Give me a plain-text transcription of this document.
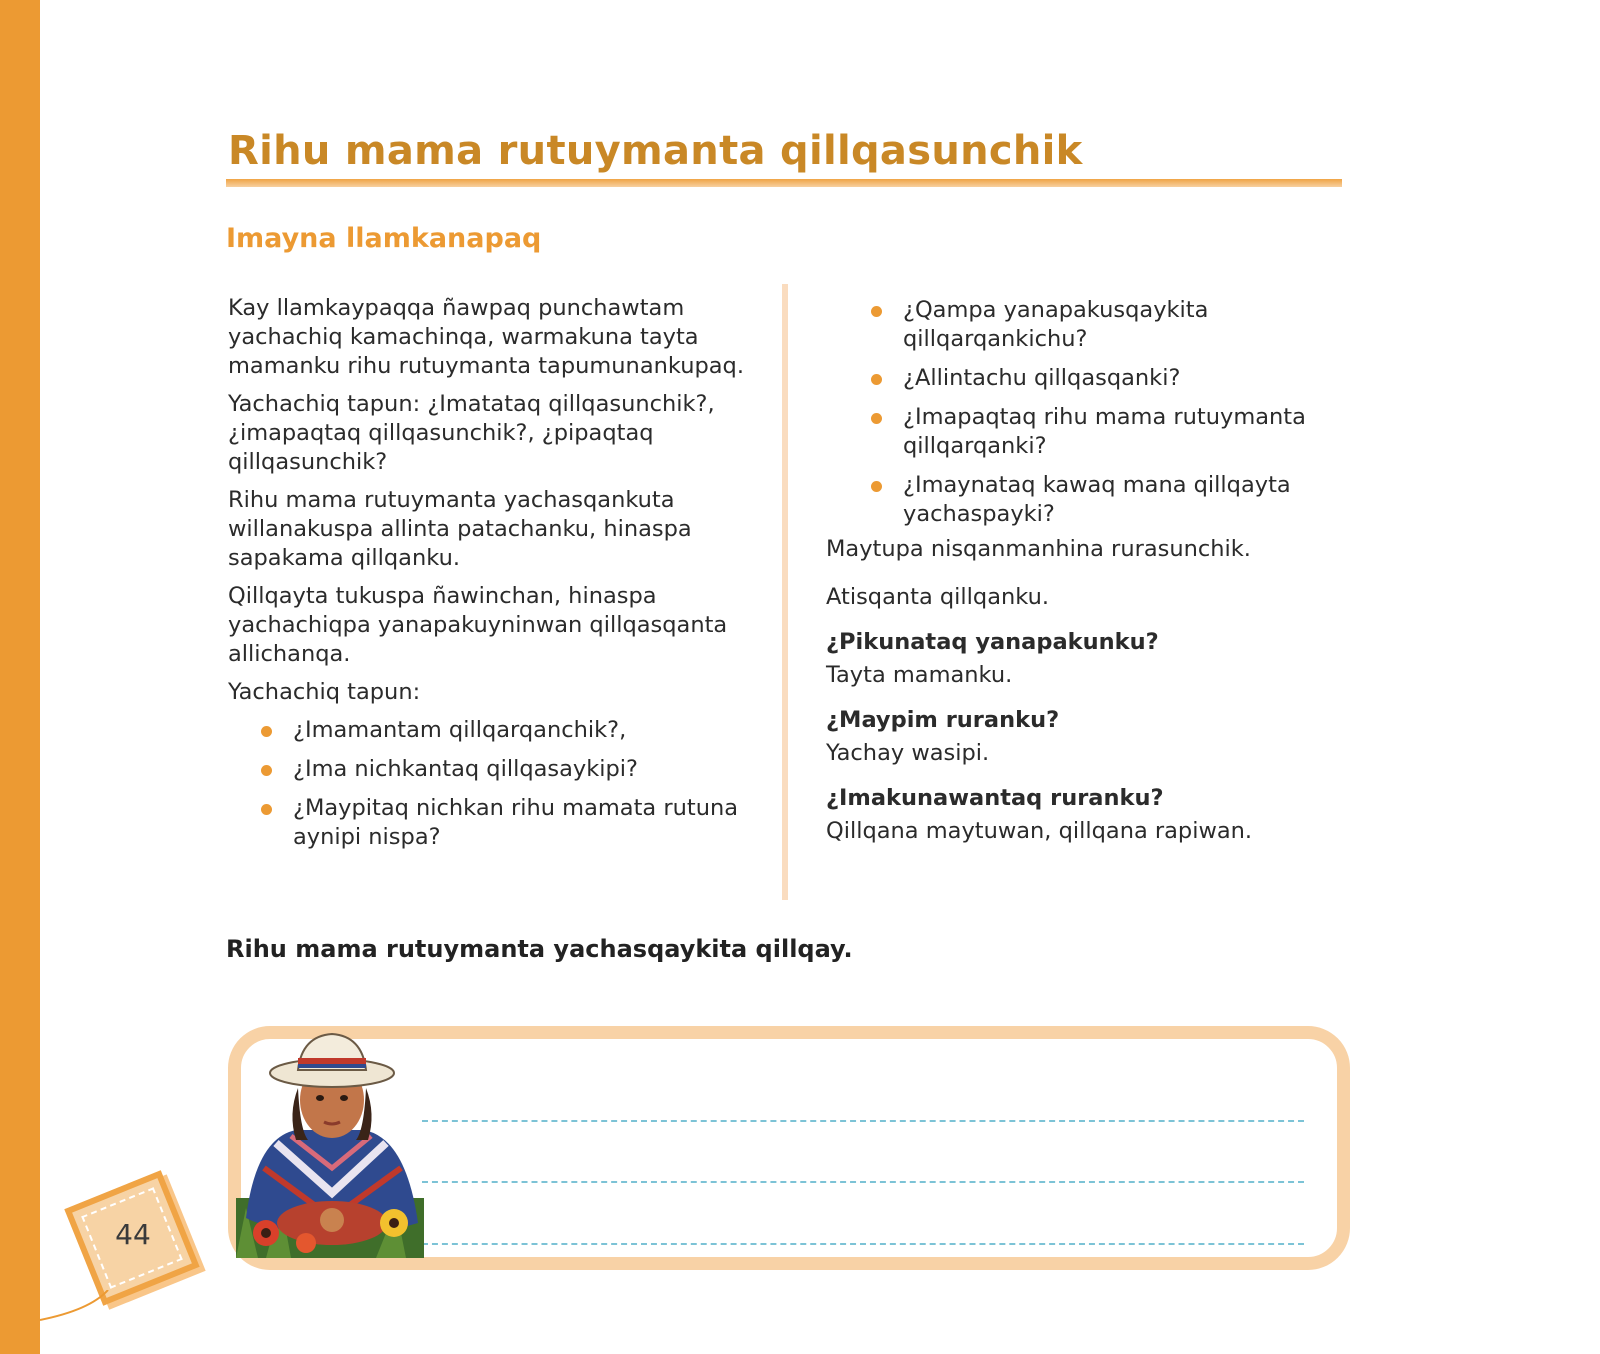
Rihu mama rutuymanta qillqasunchik
Imayna llamkanapaq

Kay llamkaypaqqa ñawpaq punchawtam yachachiq kamachinqa, warmakuna tayta mamanku rihu rutuymanta tapumunankupaq.

Yachachiq tapun: ¿Imatataq qillqasunchik?, ¿imapaqtaq qillqasunchik?, ¿pipaqtaq qillqasunchik?

Rihu mama rutuymanta yachasqankuta willanakuspa allinta patachanku, hinaspa sapakama qillqanku.

Qillqayta tukuspa ñawinchan, hinaspa yachachiqpa yanapakuyninwan qillqasqanta allichanqa.

Yachachiq tapun:

¿Imamantam qillqarqanchik?,
¿Ima nichkantaq qillqasaykipi?
¿Maypitaq nichkan rihu mamata rutuna aynipi nispa?
¿Qampa yanapakusqaykita qillqarqankichu?
¿Allintachu qillqasqanki?
¿Imapaqtaq rihu mama rutuymanta qillqarqanki?
¿Imaynataq kawaq mana qillqayta yachaspayki?

Maytupa nisqanmanhina rurasunchik.

Atisqanta qillqanku.

¿Pikunataq yanapakunku?

Tayta mamanku.

¿Maypim ruranku?

Yachay wasipi.

¿Imakunawantaq ruranku?

Qillqana maytuwan, qillqana rapiwan.

Rihu mama rutuymanta yachasqaykita qillqay.

44
